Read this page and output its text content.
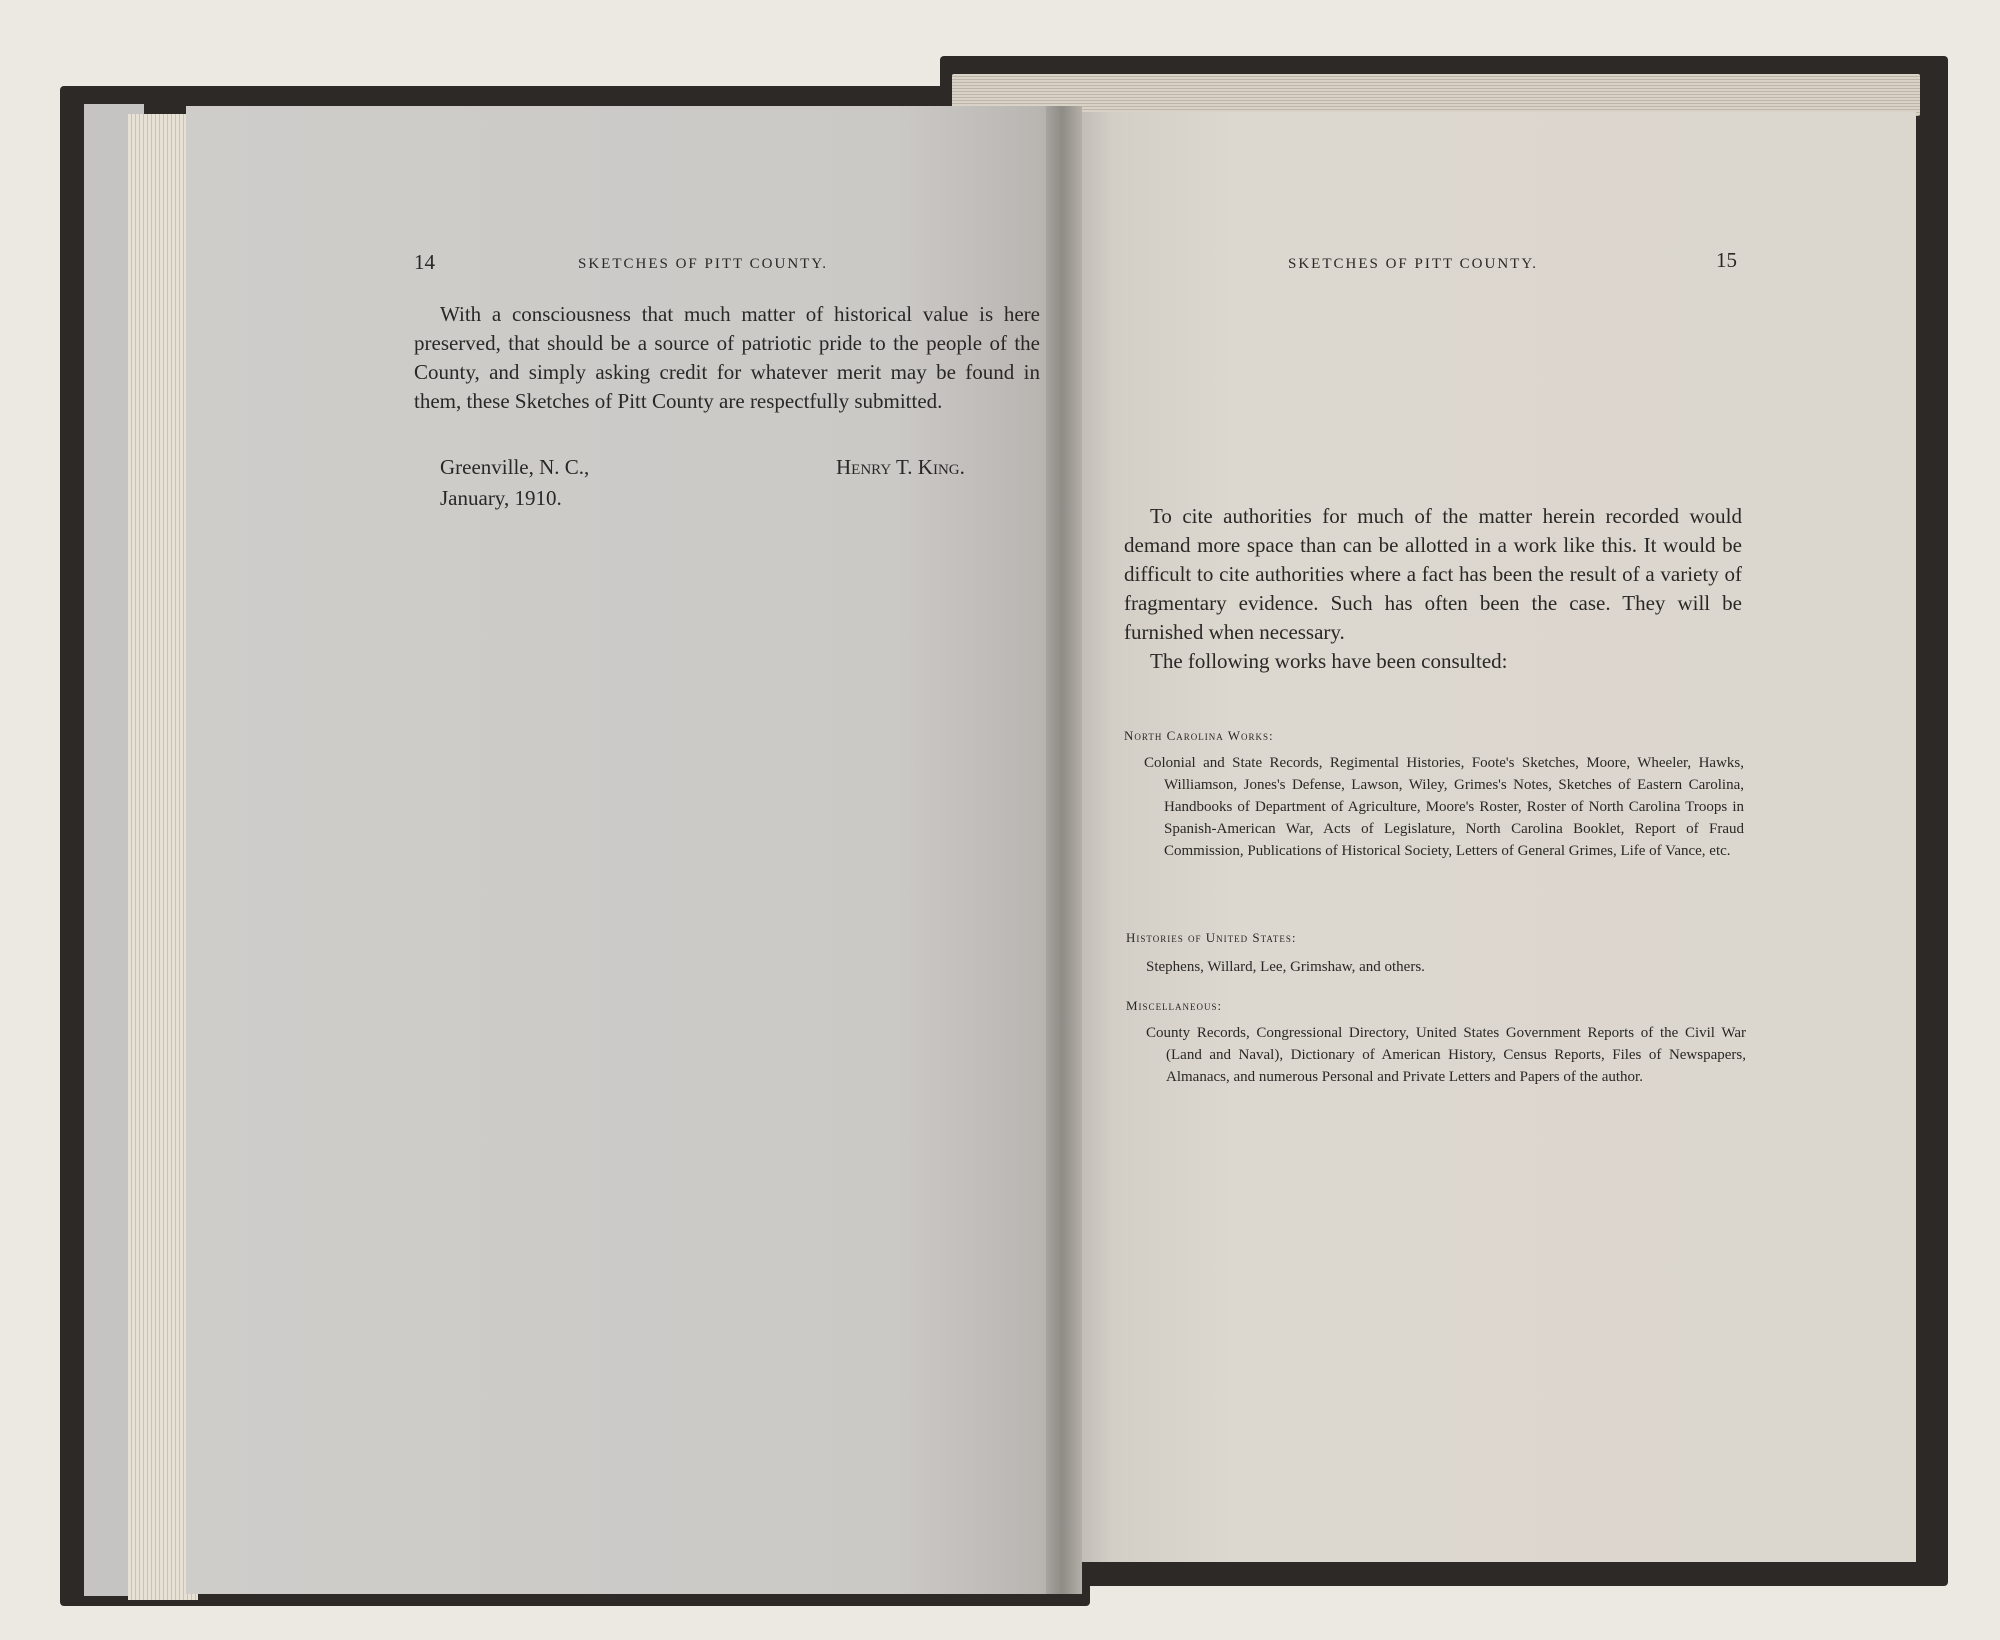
14	SKETCHES OF PITT COUNTY.

With a consciousness that much matter of historical value is here preserved, that should be a source of patriotic pride to the people of the County, and simply asking credit for whatever merit may be found in them, these Sketches of Pitt County are respectfully submitted.

Greenville, N. C.,	Henry T. King.
January, 1910.
SKETCHES OF PITT COUNTY.	15

To cite authorities for much of the matter herein recorded would demand more space than can be allotted in a work like this. It would be difficult to cite authorities where a fact has been the result of a variety of fragmentary evidence. Such has often been the case. They will be furnished when necessary.

The following works have been consulted:

North Carolina Works:
Colonial and State Records, Regimental Histories, Foote's Sketches, Moore, Wheeler, Hawks, Williamson, Jones's Defense, Lawson, Wiley, Grimes's Notes, Sketches of Eastern Carolina, Handbooks of Department of Agriculture, Moore's Roster, Roster of North Carolina Troops in Spanish-American War, Acts of Legislature, North Carolina Booklet, Report of Fraud Commission, Publications of Historical Society, Letters of General Grimes, Life of Vance, etc.
Histories of United States:
Stephens, Willard, Lee, Grimshaw, and others.
Miscellaneous:
County Records, Congressional Directory, United States Government Reports of the Civil War (Land and Naval), Dictionary of American History, Census Reports, Files of Newspapers, Almanacs, and numerous Personal and Private Letters and Papers of the author.
